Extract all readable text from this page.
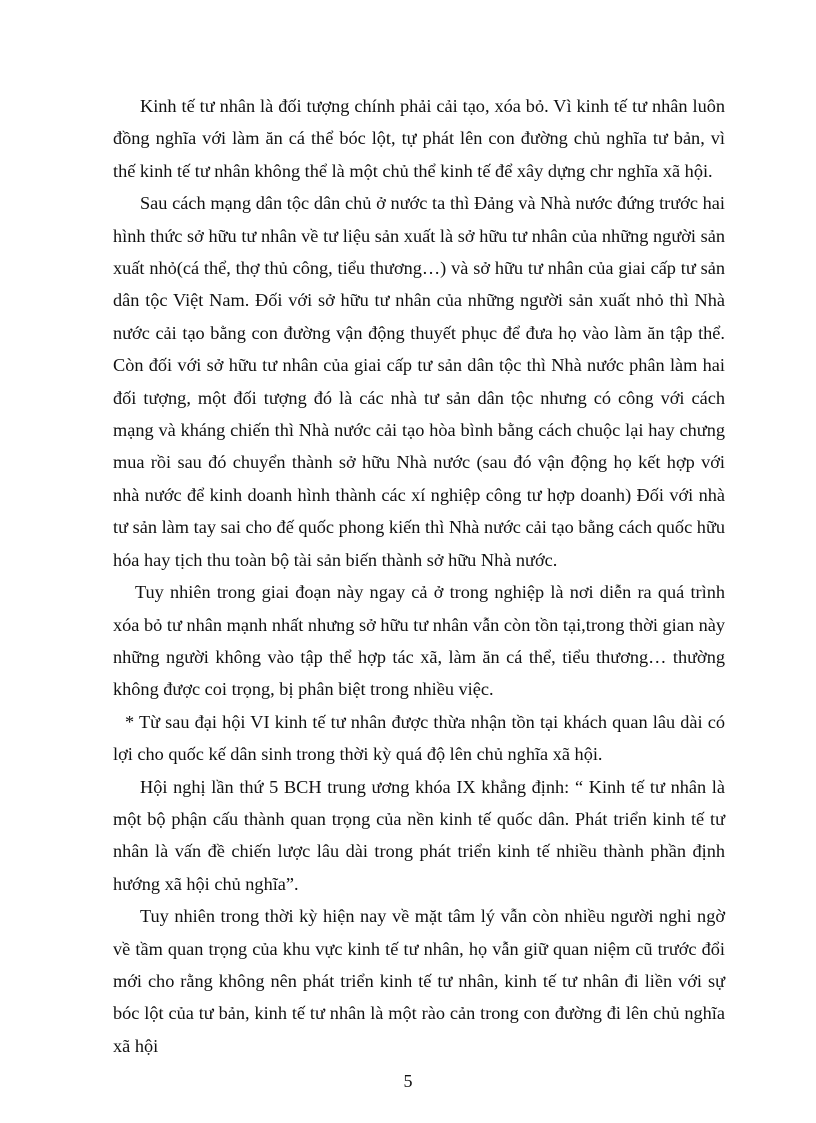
Kinh tế tư nhân là đối tượng chính phải cải tạo, xóa bỏ. Vì kinh tế tư nhân luôn đồng nghĩa với làm ăn cá thể bóc lột, tự phát lên con đường chủ nghĩa tư bản, vì thế kinh tế tư nhân không thể là một chủ thể kinh tế để xây dựng chr nghĩa xã hội.

Sau cách mạng dân tộc dân chủ ở nước ta thì Đảng và Nhà nước đứng trước hai hình thức sở hữu tư nhân về tư liệu sản xuất là sở hữu tư nhân của những người sản xuất nhỏ(cá thể, thợ thủ công, tiểu thương…) và sở hữu tư nhân của giai cấp tư sản dân tộc Việt Nam. Đối với sở hữu tư nhân của những người sản xuất nhỏ thì Nhà nước cải tạo bằng con đường vận động thuyết phục để đưa họ vào làm ăn tập thể. Còn đối với sở hữu tư nhân của giai cấp tư sản dân tộc thì Nhà nước phân làm hai đối tượng, một đối tượng đó là các nhà tư sản dân tộc nhưng có công với cách mạng và kháng chiến thì Nhà nước cải tạo hòa bình bằng cách chuộc lại hay chưng mua rồi sau đó chuyển thành sở hữu Nhà nước (sau đó vận động họ kết hợp với nhà nước để kinh doanh hình thành các xí nghiệp công tư hợp doanh) Đối với nhà tư sản làm tay sai cho đế quốc phong kiến thì Nhà nước cải tạo bằng cách quốc hữu hóa hay tịch thu toàn bộ tài sản biến thành sở hữu Nhà nước.

Tuy nhiên trong giai đoạn này ngay cả ở trong nghiệp là nơi diễn ra quá trình xóa bỏ tư nhân mạnh nhất nhưng sở hữu tư nhân vẫn còn tồn tại,trong thời gian này những người không vào tập thể hợp tác xã, làm ăn cá thể, tiểu thương… thường không được coi trọng, bị phân biệt trong nhiều việc.

* Từ sau đại hội VI kinh tế tư nhân được thừa nhận tồn tại khách quan lâu dài có lợi cho quốc kế dân sinh trong thời kỳ quá độ lên chủ nghĩa xã hội.

Hội nghị lần thứ 5 BCH trung ương khóa IX khẳng định: “ Kinh tế tư nhân là một bộ phận cấu thành quan trọng của nền kinh tế quốc dân. Phát triển kinh tế tư nhân là vấn đề chiến lược lâu dài trong phát triển kinh tế nhiều thành phần định hướng xã hội chủ nghĩa”.

Tuy nhiên trong thời kỳ hiện nay về mặt tâm lý vẫn còn nhiều người nghi ngờ về tầm quan trọng của khu vực kinh tế tư nhân, họ vẫn giữ quan niệm cũ trước đổi mới cho rằng không nên phát triển kinh tế tư nhân, kinh tế tư nhân đi liền với sự bóc lột của tư bản, kinh tế tư nhân là một rào cản trong con đường đi lên chủ nghĩa xã hội

5
